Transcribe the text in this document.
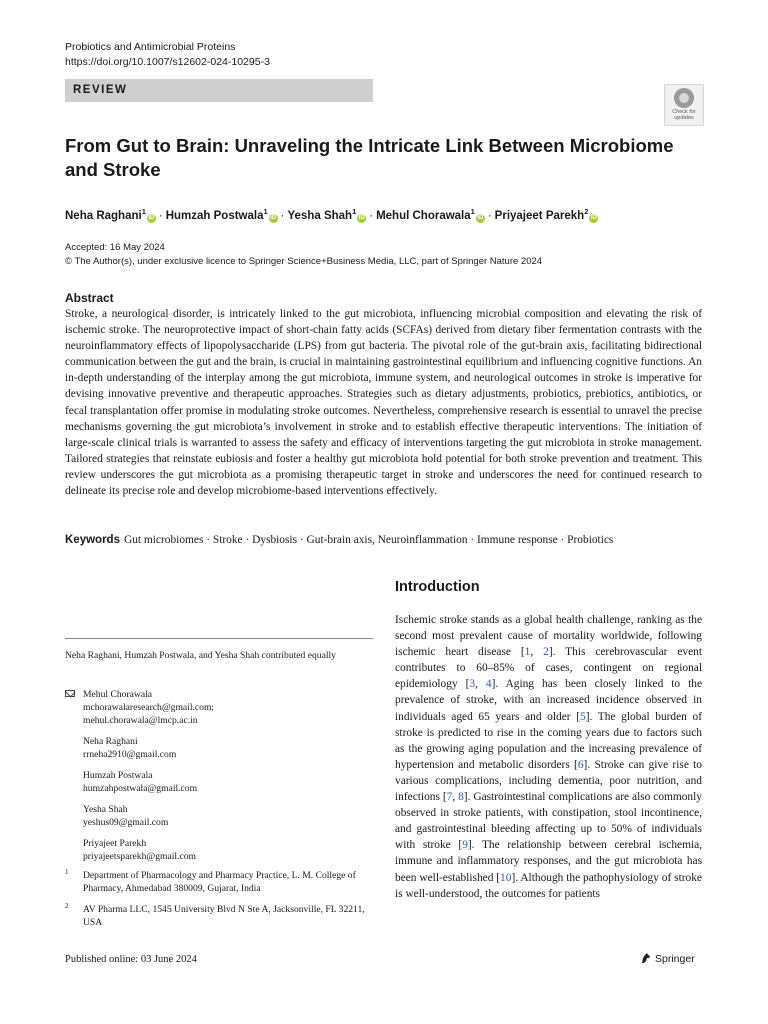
Probiotics and Antimicrobial Proteins
https://doi.org/10.1007/s12602-024-10295-3
REVIEW
Check for
updates
From Gut to Brain: Unraveling the Intricate Link Between Microbiome
and Stroke
Neha Raghani$^1$iD · Humzah Postwala$^1$iD · Yesha Shah$^1$iD · Mehul Chorawala$^1$iD · Priyajeet Parekh$^2$iD
Accepted: 16 May 2024
© The Author(s), under exclusive licence to Springer Science+Business Media, LLC, part of Springer Nature 2024
Abstract
Stroke, a neurological disorder, is intricately linked to the gut microbiota, influencing microbial composition and elevating the risk of ischemic stroke. The neuroprotective impact of short-chain fatty acids (SCFAs) derived from dietary fiber fermentation contrasts with the neuroinflammatory effects of lipopolysaccharide (LPS) from gut bacteria. The pivotal role of the gut-brain axis, facilitating bidirectional communication between the gut and the brain, is crucial in maintaining gastrointestinal equilibrium and influencing cognitive functions. An in-depth understanding of the interplay among the gut microbiota, immune system, and neurological outcomes in stroke is imperative for devising innovative preventive and therapeutic approaches. Strategies such as dietary adjustments, probiotics, prebiotics, antibiotics, or fecal transplantation offer promise in modulating stroke outcomes. Nevertheless, comprehensive research is essential to unravel the precise mechanisms governing the gut microbiota’s involvement in stroke and to establish effective therapeutic interventions. The initiation of large-scale clinical trials is warranted to assess the safety and efficacy of interventions targeting the gut microbiota in stroke management. Tailored strategies that reinstate eubiosis and foster a healthy gut microbiota hold potential for both stroke prevention and treatment. This review underscores the gut microbiota as a promising therapeutic target in stroke and underscores the need for continued research to delineate its precise role and develop microbiome-based interventions effectively.
Keywords Gut microbiomes · Stroke · Dysbiosis · Gut-brain axis, Neuroinflammation · Immune response · Probiotics
Introduction
Ischemic stroke stands as a global health challenge, ranking as the second most prevalent cause of mortality worldwide, following ischemic heart disease [1, 2]. This cerebrovascular event contributes to 60–85% of cases, contingent on regional epidemiology [3, 4]. Aging has been closely linked to the prevalence of stroke, with an increased incidence observed in individuals aged 65 years and older [5]. The global burden of stroke is predicted to rise in the coming years due to factors such as the growing aging population and the increasing prevalence of hypertension and metabolic disorders [6]. Stroke can give rise to various complications, including dementia, poor nutrition, and infections [7, 8]. Gastrointestinal complications are also commonly observed in stroke patients, with constipation, stool incontinence, and gastrointestinal bleeding affecting up to 50% of individuals with stroke [9]. The relationship between cerebral ischemia, immune and inflammatory responses, and the gut microbiota has been well-established [10]. Although the pathophysiology of stroke is well-understood, the outcomes for patients
Neha Raghani, Humzah Postwala, and Yesha Shah contributed equally
Mehul Chorawala
mchorawalaresearch@gmail.com;
mehul.chorawala@lmcp.ac.in
Neha Raghani
rrneha2910@gmail.com
Humzah Postwala
humzahpostwala@gmail.com
Yesha Shah
yeshus09@gmail.com
Priyajeet Parekh
priyajeetsparekh@gmail.com
1 Department of Pharmacology and Pharmacy Practice, L. M. College of Pharmacy, Ahmedabad 380009, Gujarat, India
2 AV Pharma LLC, 1545 University Blvd N Ste A, Jacksonville, FL 32211, USA
Published online: 03 June 2024	Springer
